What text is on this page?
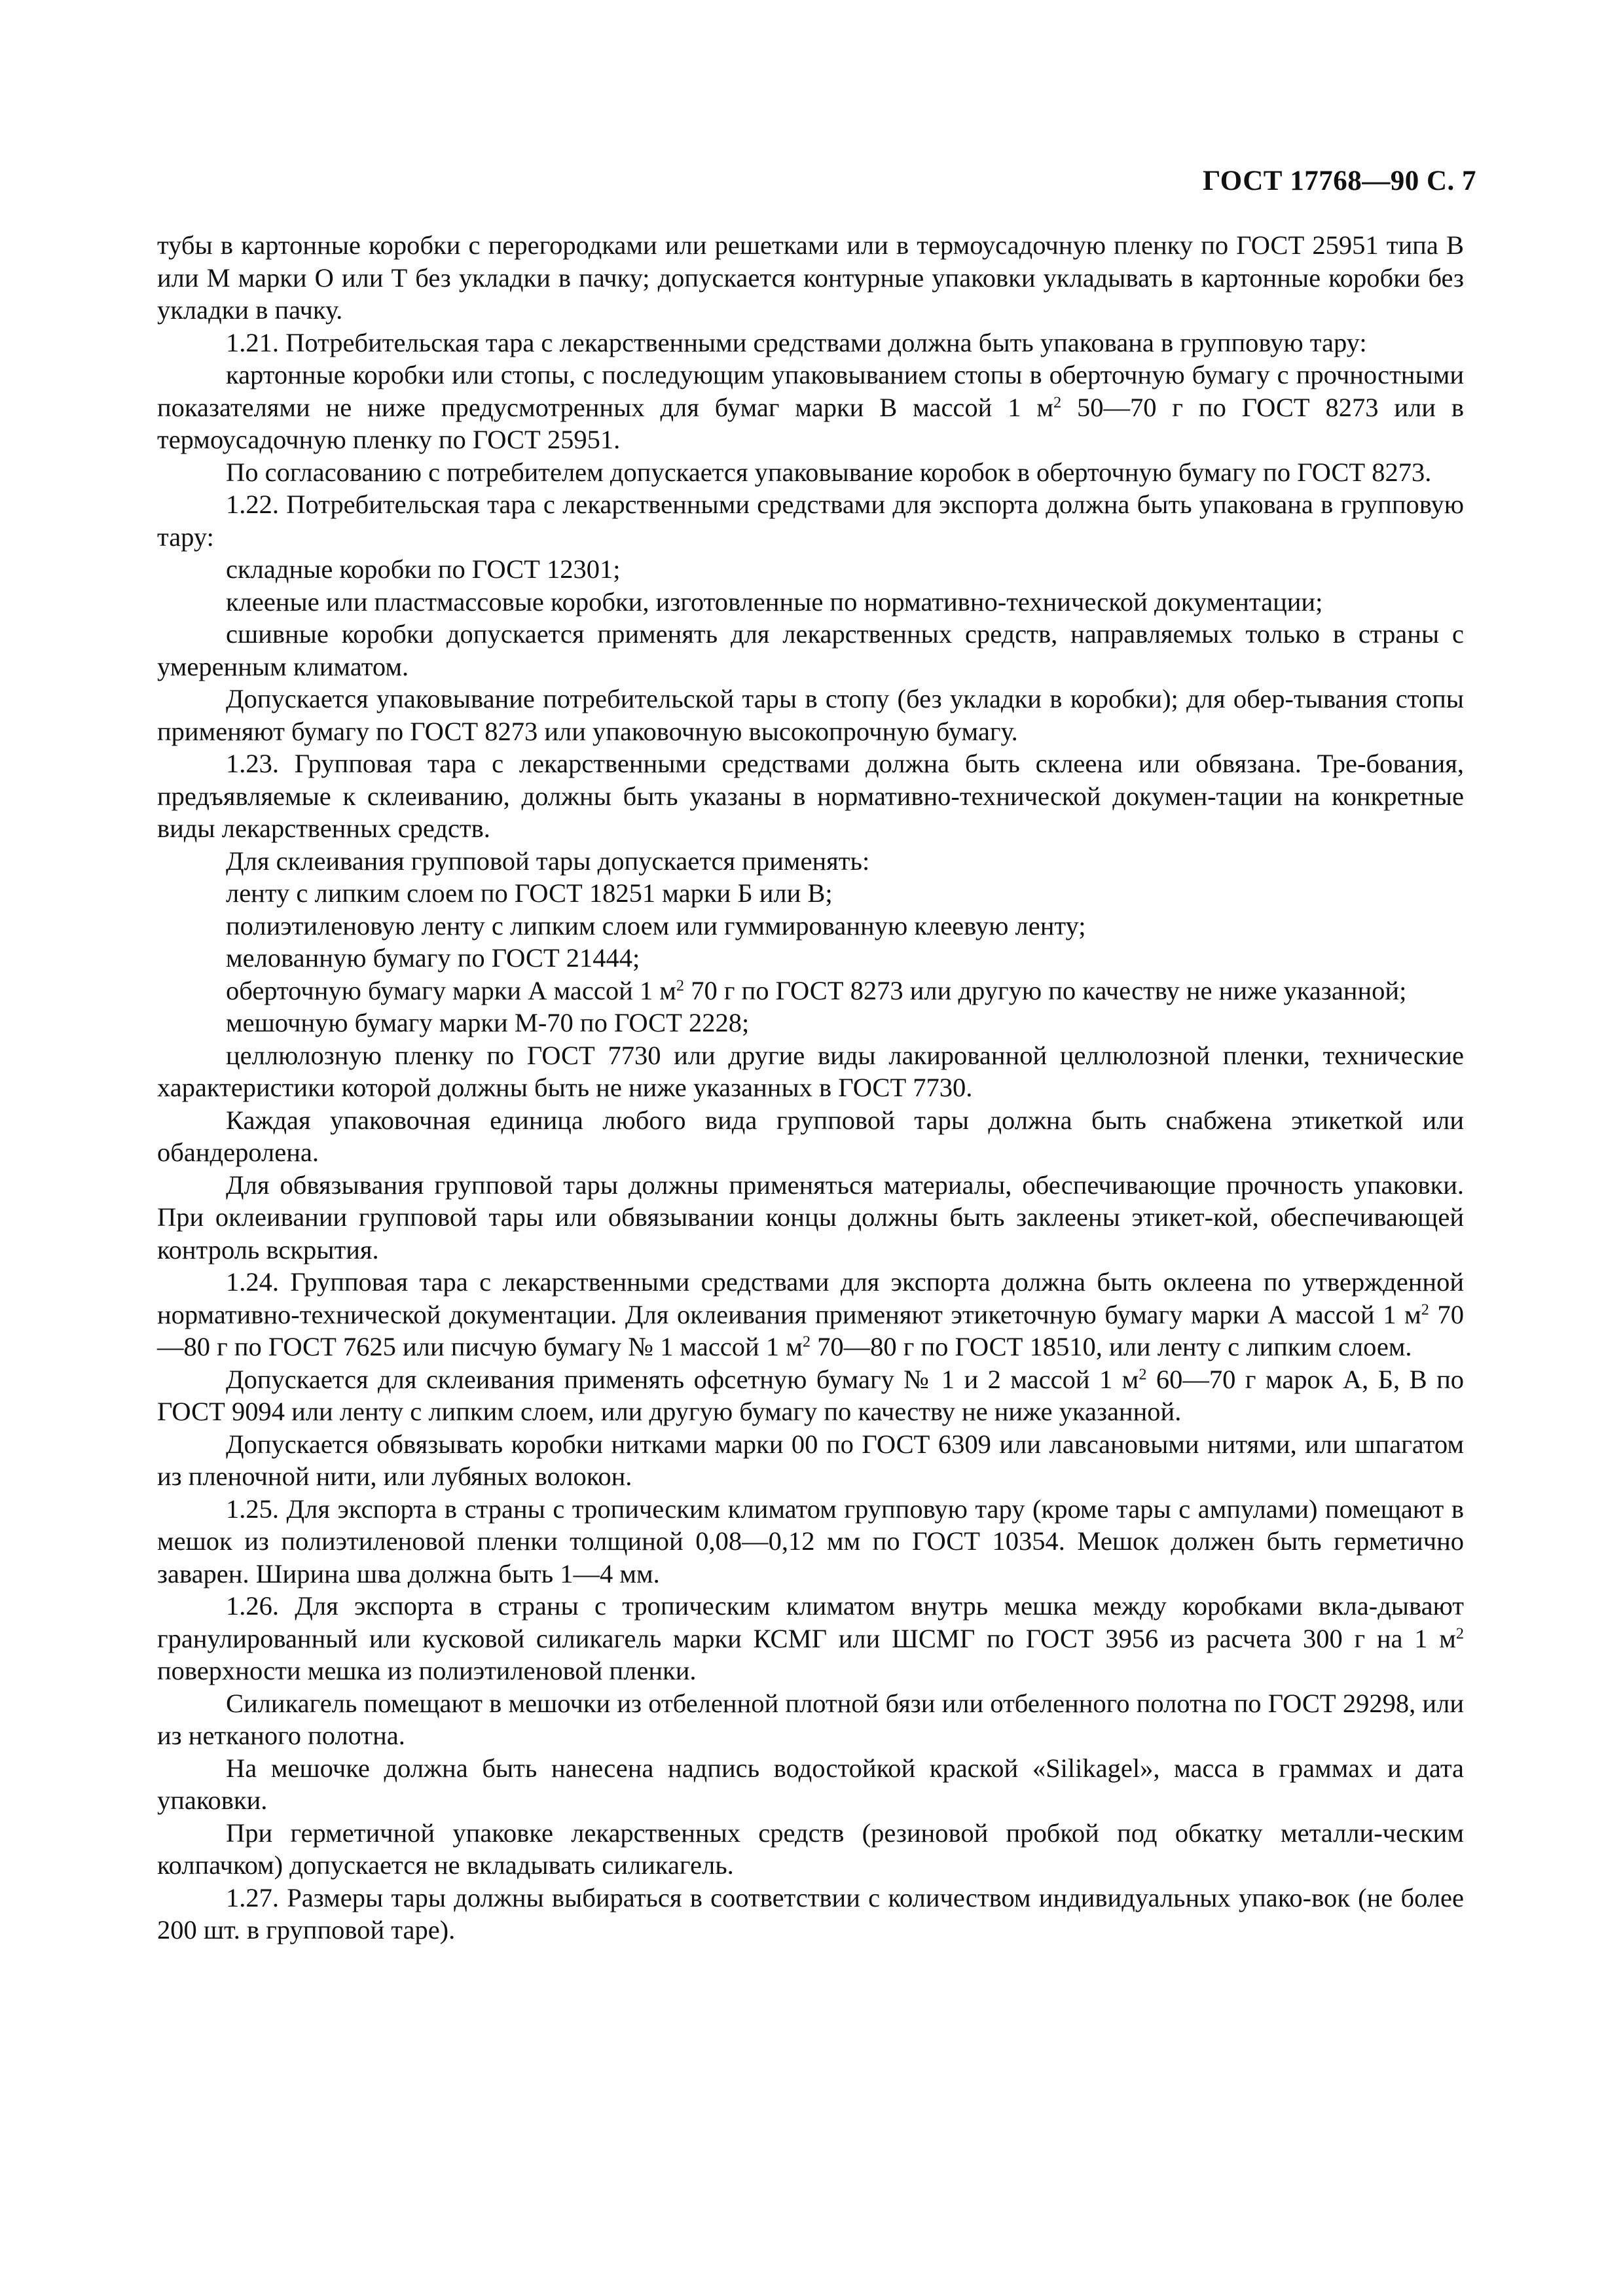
ГОСТ 17768—90 С. 7

тубы в картонные коробки с перегородками или решетками или в термоусадочную пленку по ГОСТ 25951 типа В или М марки О или Т без укладки в пачку; допускается контурные упаковки укладывать в картонные коробки без укладки в пачку.

1.21. Потребительская тара с лекарственными средствами должна быть упакована в групповую тару:

картонные коробки или стопы, с последующим упаковыванием стопы в оберточную бумагу с прочностными показателями не ниже предусмотренных для бумаг марки В массой 1 $м^2$ 50—70 г по ГОСТ 8273 или в термоусадочную пленку по ГОСТ 25951.

По согласованию с потребителем допускается упаковывание коробок в оберточную бумагу по ГОСТ 8273.

1.22. Потребительская тара с лекарственными средствами для экспорта должна быть упакована в групповую тару:

складные коробки по ГОСТ 12301;

клееные или пластмассовые коробки, изготовленные по нормативно-технической документации;

сшивные коробки допускается применять для лекарственных средств, направляемых только в страны с умеренным климатом.

Допускается упаковывание потребительской тары в стопу (без укладки в коробки); для обер-тывания стопы применяют бумагу по ГОСТ 8273 или упаковочную высокопрочную бумагу.

1.23. Групповая тара с лекарственными средствами должна быть склеена или обвязана. Тре-бования, предъявляемые к склеиванию, должны быть указаны в нормативно-технической докумен-тации на конкретные виды лекарственных средств.

Для склеивания групповой тары допускается применять:

ленту с липким слоем по ГОСТ 18251 марки Б или В;

полиэтиленовую ленту с липким слоем или гуммированную клеевую ленту;

мелованную бумагу по ГОСТ 21444;

оберточную бумагу марки А массой 1 $м^2$ 70 г по ГОСТ 8273 или другую по качеству не ниже указанной;

мешочную бумагу марки М-70 по ГОСТ 2228;

целлюлозную пленку по ГОСТ 7730 или другие виды лакированной целлюлозной пленки, технические характеристики которой должны быть не ниже указанных в ГОСТ 7730.

Каждая упаковочная единица любого вида групповой тары должна быть снабжена этикеткой или обандеролена.

Для обвязывания групповой тары должны применяться материалы, обеспечивающие прочность упаковки. При оклеивании групповой тары или обвязывании концы должны быть заклеены этикет-кой, обеспечивающей контроль вскрытия.

1.24. Групповая тара с лекарственными средствами для экспорта должна быть оклеена по утвержденной нормативно-технической документации. Для оклеивания применяют этикеточную бумагу марки А массой 1 $м^2$ 70—80 г по ГОСТ 7625 или писчую бумагу № 1 массой 1 $м^2$ 70—80 г по ГОСТ 18510, или ленту с липким слоем.

Допускается для склеивания применять офсетную бумагу № 1 и 2 массой 1 $м^2$ 60—70 г марок А, Б, В по ГОСТ 9094 или ленту с липким слоем, или другую бумагу по качеству не ниже указанной.

Допускается обвязывать коробки нитками марки 00 по ГОСТ 6309 или лавсановыми нитями, или шпагатом из пленочной нити, или лубяных волокон.

1.25. Для экспорта в страны с тропическим климатом групповую тару (кроме тары с ампулами) помещают в мешок из полиэтиленовой пленки толщиной 0,08—0,12 мм по ГОСТ 10354. Мешок должен быть герметично заварен. Ширина шва должна быть 1—4 мм.

1.26. Для экспорта в страны с тропическим климатом внутрь мешка между коробками вкла-дывают гранулированный или кусковой силикагель марки КСМГ или ШСМГ по ГОСТ 3956 из расчета 300 г на 1 $м^2$ поверхности мешка из полиэтиленовой пленки.

Силикагель помещают в мешочки из отбеленной плотной бязи или отбеленного полотна по ГОСТ 29298, или из нетканого полотна.

На мешочке должна быть нанесена надпись водостойкой краской «Silikagel», масса в граммах и дата упаковки.

При герметичной упаковке лекарственных средств (резиновой пробкой под обкатку металли-ческим колпачком) допускается не вкладывать силикагель.

1.27. Размеры тары должны выбираться в соответствии с количеством индивидуальных упако-вок (не более 200 шт. в групповой таре).
